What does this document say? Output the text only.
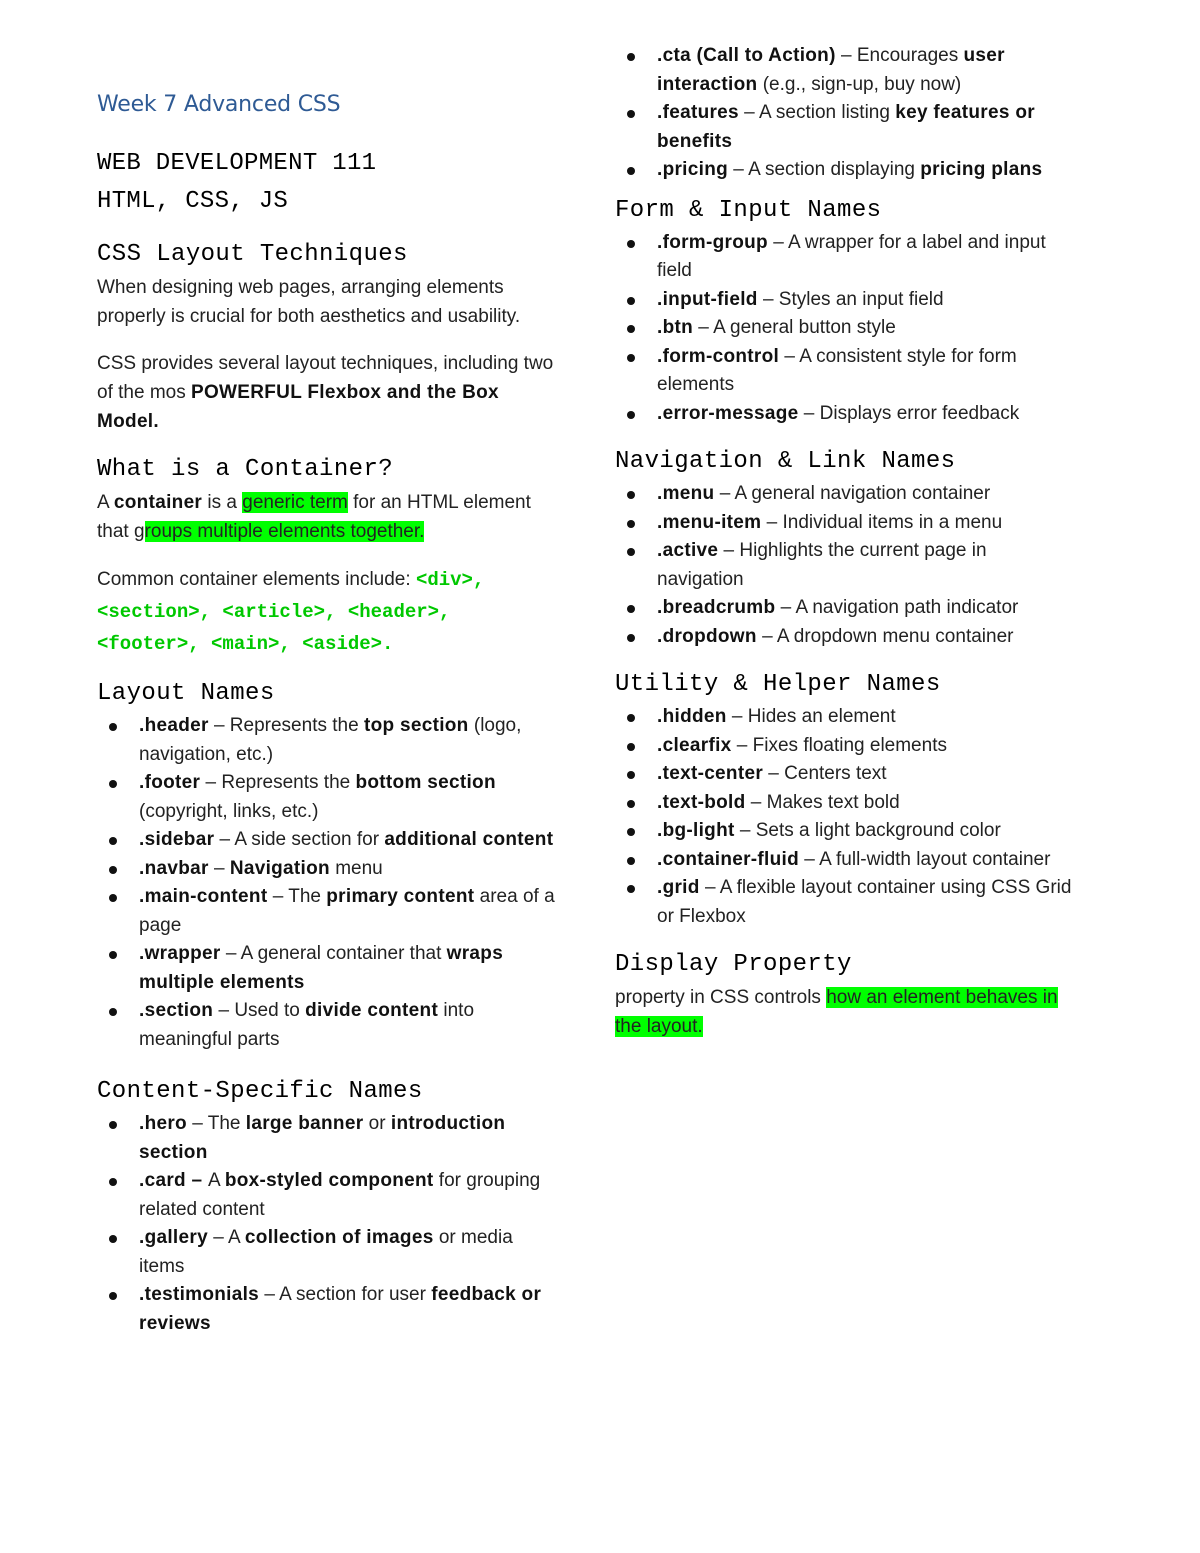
Week 7 Advanced CSS
WEB DEVELOPMENT 111
HTML, CSS, JS
CSS Layout Techniques

When designing web pages, arranging elements properly is crucial for both aesthetics and usability.

CSS provides several layout techniques, including two of the mos POWERFUL Flexbox and the Box Model.

What is a Container?

A container is a generic term for an HTML element that groups multiple elements together.

Common container elements include: <div>, <section>, <article>, <header>, <footer>, <main>, <aside>.

Layout Names
.header – Represents the top section (logo, navigation, etc.)
.footer – Represents the bottom section (copyright, links, etc.)
.sidebar – A side section for additional content
.navbar – Navigation menu
.main-content – The primary content area of a page
.wrapper – A general container that wraps multiple elements
.section – Used to divide content into meaningful parts
Content-Specific Names
.hero – The large banner or introduction section
.card – A box-styled component for grouping related content
.gallery – A collection of images or media items
.testimonials – A section for user feedback or reviews
.cta (Call to Action) – Encourages user interaction (e.g., sign-up, buy now)
.features – A section listing key features or benefits
.pricing – A section displaying pricing plans
Form & Input Names
.form-group – A wrapper for a label and input field
.input-field – Styles an input field
.btn – A general button style
.form-control – A consistent style for form elements
.error-message – Displays error feedback
Navigation & Link Names
.menu – A general navigation container
.menu-item – Individual items in a menu
.active – Highlights the current page in navigation
.breadcrumb – A navigation path indicator
.dropdown – A dropdown menu container
Utility & Helper Names
.hidden – Hides an element
.clearfix – Fixes floating elements
.text-center – Centers text
.text-bold – Makes text bold
.bg-light – Sets a light background color
.container-fluid – A full-width layout container
.grid – A flexible layout container using CSS Grid or Flexbox
Display Property

property in CSS controls how an element behaves in the layout.
